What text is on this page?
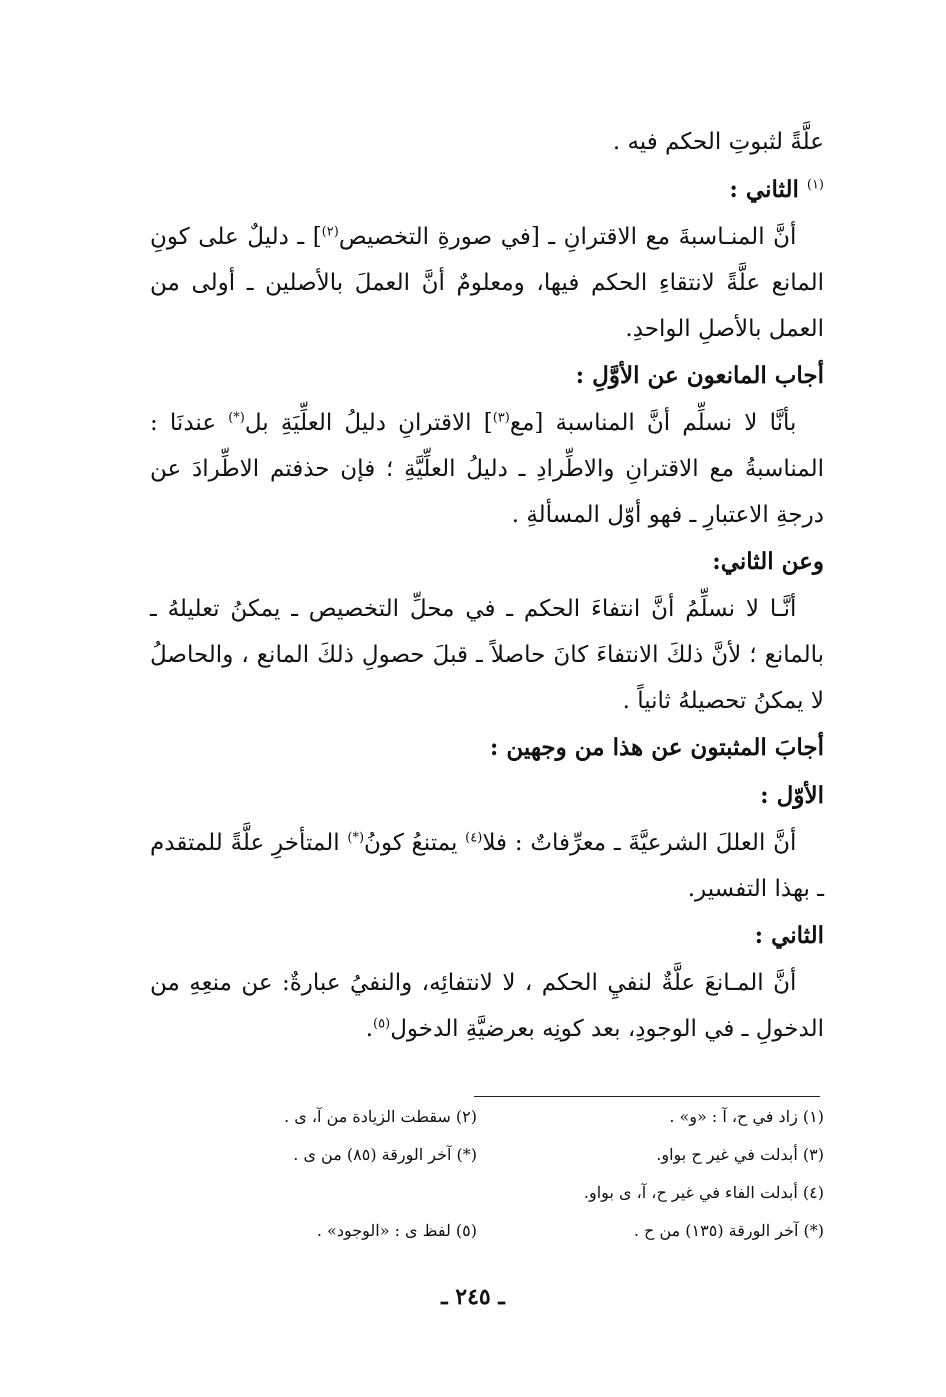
علَّةً لثبوتِ الحكم فيه .

$^{(١)}$ الثاني :

أنَّ المنـاسبةَ مع الاقترانِ ـ [في صورةِ التخصيص$^{(٢)}$] ـ دليلٌ على كونِ المانع علَّةً لانتقاءِ الحكم فيها، ومعلومٌ أنَّ العملَ بالأصلين ـ أولى من العمل بالأصلِ الواحدِ.

أجاب المانعون عن الأوَّلِ :

بأنَّا لا نسلِّم أنَّ المناسبة [مع$^{(٣)}$] الاقترانِ دليلُ العلِّيَةِ بل(*) عندنَا : المناسبةُ مع الاقترانِ والاطِّرادِ ـ دليلُ العلِّيَّةِ ؛ فإن حذفتم الاطِّرادَ عن درجةِ الاعتبارِ ـ فهو أوّل المسألةِ .

وعن الثاني:

أنَّـا لا نسلِّمُ أنَّ انتفاءَ الحكم ـ في محلِّ التخصيص ـ يمكنُ تعليلهُ ـ بالمانع ؛ لأنَّ ذلكَ الانتفاءَ كانَ حاصلاً ـ قبلَ حصولِ ذلكَ المانع ، والحاصلُ لا يمكنُ تحصيلهُ ثانياً .

أجابَ المثبتون عن هذا من وجهين :

الأوّل :

أنَّ العللَ الشرعيَّةَ ـ معرِّفاتٌ : فلا$^{(٤)}$ يمتنعُ كونُ(*) المتأخرِ علَّةً للمتقدم ـ بهذا التفسير.

الثاني :

أنَّ المـانعَ علَّةٌ لنفيِ الحكم ، لا لانتفائِه، والنفيُ عبارةٌ: عن منعِهِ من الدخولِ ـ في الوجودِ، بعد كونِه بعرضيَّةِ الدخول$^{(٥)}$.

(١) زاد في ح، آ : «و» .
(٢) سقطت الزيادة من آ، ى .
(٣) أبدلت في غير ح بواو.
(*) آخر الورقة (٨٥) من ى .
(٤) أبدلت الفاء في غير ح، آ، ى بواو.
(*) آخر الورقة (١٣٥) من ح .
(٥) لفظ ى : «الوجود» .
ـ ٢٤٥ ـ
